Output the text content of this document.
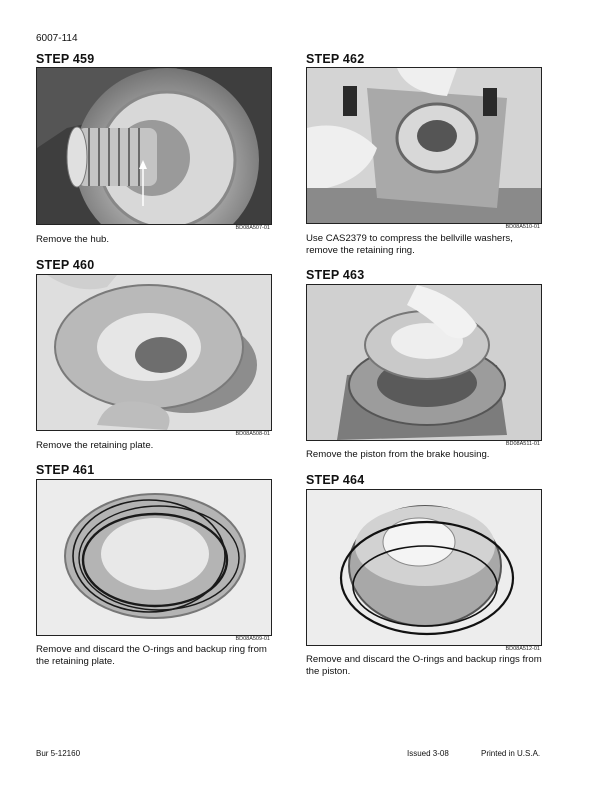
6007-114
STEP 459
BD08A507-01
Remove the hub.
STEP 460
BD08A508-01
Remove the retaining plate.
STEP 461
BD08A509-01
Remove and discard the O-rings and backup ring from the retaining plate.
STEP 462
BD08A510-01
Use CAS2379 to compress the bellville washers, remove the retaining ring.
STEP 463
BD08A511-01
Remove the piston from the brake housing.
STEP 464
BD08A512-01
Remove and discard the O-rings and backup rings from the piston.
Bur 5-12160	Issued 3-08	Printed in U.S.A.
